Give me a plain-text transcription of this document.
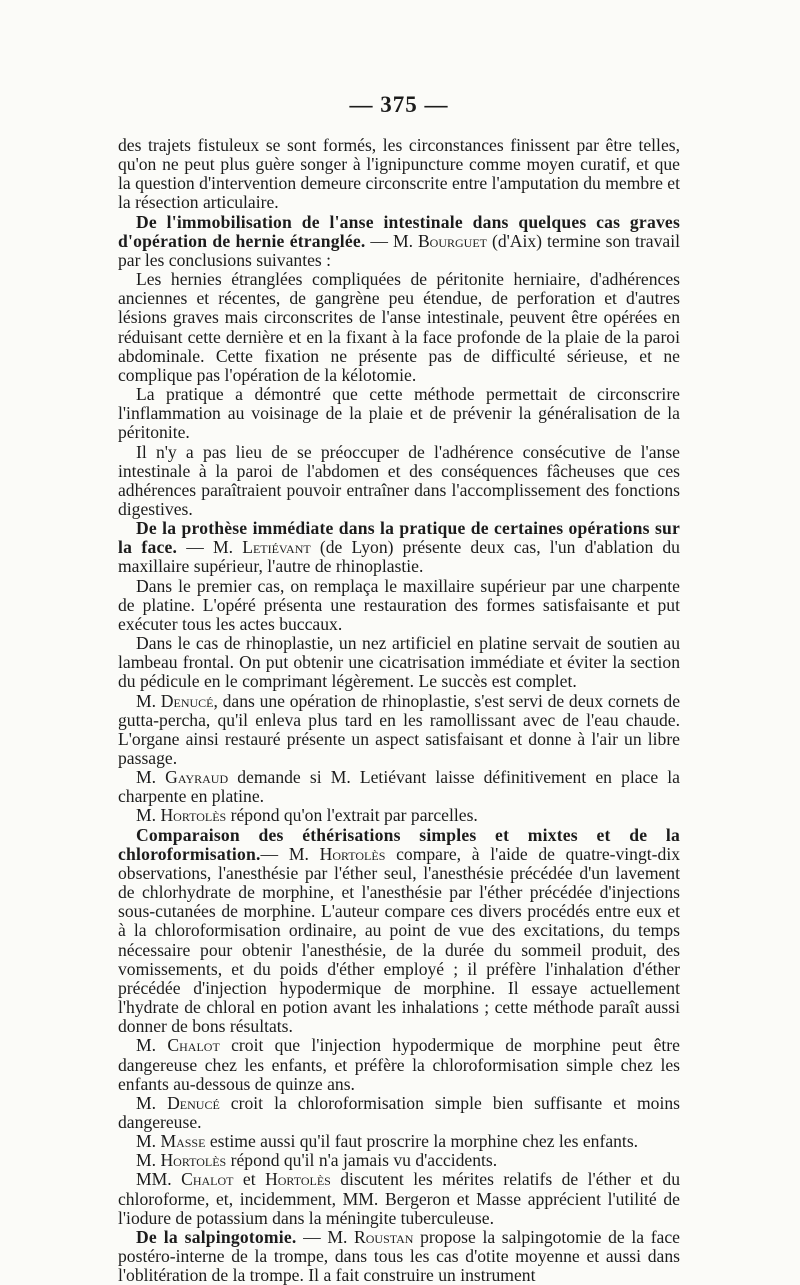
— 375 —

des trajets fistuleux se sont formés, les circonstances finissent par être telles, qu'on ne peut plus guère songer à l'ignipuncture comme moyen curatif, et que la question d'intervention demeure circonscrite entre l'amputation du membre et la résection articulaire.

De l'immobilisation de l'anse intestinale dans quelques cas graves d'opération de hernie étranglée. — M. Bourguet (d'Aix) termine son travail par les conclusions suivantes :

Les hernies étranglées compliquées de péritonite herniaire, d'adhérences anciennes et récentes, de gangrène peu étendue, de perforation et d'autres lésions graves mais circonscrites de l'anse intestinale, peuvent être opérées en réduisant cette dernière et en la fixant à la face profonde de la plaie de la paroi abdominale. Cette fixation ne présente pas de difficulté sérieuse, et ne complique pas l'opération de la kélotomie.

La pratique a démontré que cette méthode permettait de circonscrire l'inflammation au voisinage de la plaie et de prévenir la généralisation de la péritonite.

Il n'y a pas lieu de se préoccuper de l'adhérence consécutive de l'anse intestinale à la paroi de l'abdomen et des conséquences fâcheuses que ces adhérences paraîtraient pouvoir entraîner dans l'accomplissement des fonctions digestives.

De la prothèse immédiate dans la pratique de certaines opérations sur la face. — M. Letiévant (de Lyon) présente deux cas, l'un d'ablation du maxillaire supérieur, l'autre de rhinoplastie.

Dans le premier cas, on remplaça le maxillaire supérieur par une charpente de platine. L'opéré présenta une restauration des formes satisfaisante et put exécuter tous les actes buccaux.

Dans le cas de rhinoplastie, un nez artificiel en platine servait de soutien au lambeau frontal. On put obtenir une cicatrisation immédiate et éviter la section du pédicule en le comprimant légèrement. Le succès est complet.

M. Denucé, dans une opération de rhinoplastie, s'est servi de deux cornets de gutta-percha, qu'il enleva plus tard en les ramollissant avec de l'eau chaude. L'organe ainsi restauré présente un aspect satisfaisant et donne à l'air un libre passage.

M. Gayraud demande si M. Letiévant laisse définitivement en place la charpente en platine.

M. Hortolès répond qu'on l'extrait par parcelles.

Comparaison des éthérisations simples et mixtes et de la chloroformisation.— M. Hortolès compare, à l'aide de quatre-vingt-dix observations, l'anesthésie par l'éther seul, l'anesthésie précédée d'un lavement de chlorhydrate de morphine, et l'anesthésie par l'éther précédée d'injections sous-cutanées de morphine. L'auteur compare ces divers procédés entre eux et à la chloroformisation ordinaire, au point de vue des excitations, du temps nécessaire pour obtenir l'anesthésie, de la durée du sommeil produit, des vomissements, et du poids d'éther employé ; il préfère l'inhalation d'éther précédée d'injection hypodermique de morphine. Il essaye actuellement l'hydrate de chloral en potion avant les inhalations ; cette méthode paraît aussi donner de bons résultats.

M. Chalot croit que l'injection hypodermique de morphine peut être dangereuse chez les enfants, et préfère la chloroformisation simple chez les enfants au-dessous de quinze ans.

M. Denucé croit la chloroformisation simple bien suffisante et moins dangereuse.

M. Masse estime aussi qu'il faut proscrire la morphine chez les enfants.

M. Hortolès répond qu'il n'a jamais vu d'accidents.

MM. Chalot et Hortolès discutent les mérites relatifs de l'éther et du chloroforme, et, incidemment, MM. Bergeron et Masse apprécient l'utilité de l'iodure de potassium dans la méningite tuberculeuse.

De la salpingotomie. — M. Roustan propose la salpingotomie de la face postéro-interne de la trompe, dans tous les cas d'otite moyenne et aussi dans l'oblitération de la trompe. Il a fait construire un instrument
